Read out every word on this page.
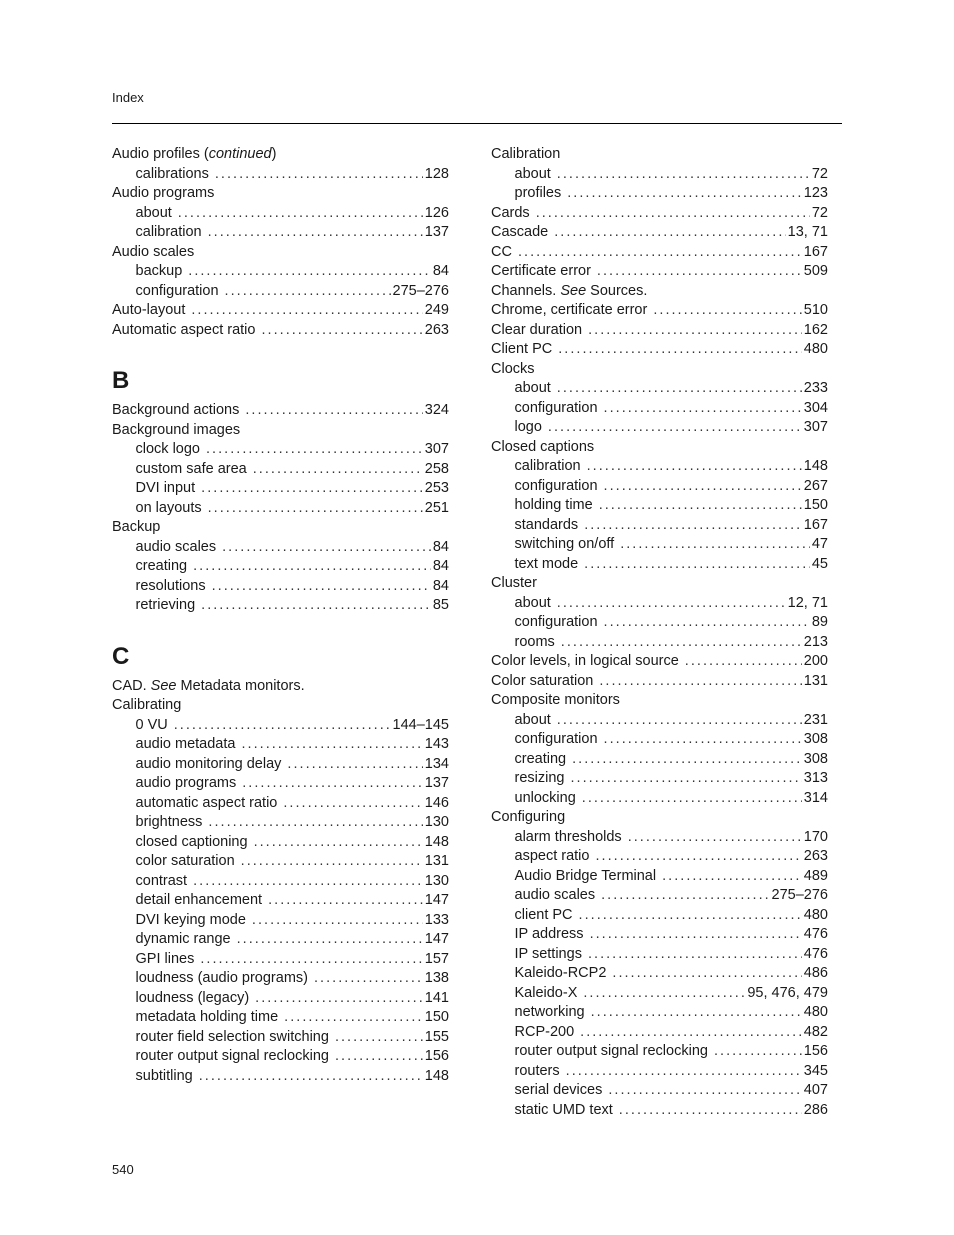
Index
Audio profiles (continued)
calibrations . . .	128
Audio programs
about . . .	126
calibration . . .	137
Audio scales
backup . . .	84
configuration . . .	275–276
Auto-layout . . .	249
Automatic aspect ratio . . .	263
B
Background actions . . .	324
Background images
clock logo . . .	307
custom safe area . . .	258
DVI input . . .	253
on layouts . . .	251
Backup
audio scales . . .	84
creating . . .	84
resolutions . . .	84
retrieving . . .	85
C
CAD. See Metadata monitors.
Calibrating
0 VU . . .	144–145
audio metadata . . .	143
audio monitoring delay . . .	134
audio programs . . .	137
automatic aspect ratio . . .	146
brightness . . .	130
closed captioning . . .	148
color saturation . . .	131
contrast . . .	130
detail enhancement . . .	147
DVI keying mode . . .	133
dynamic range . . .	147
GPI lines . . .	157
loudness (audio programs) . . .	138
loudness (legacy) . . .	141
metadata holding time . . .	150
router field selection switching . . .	155
router output signal reclocking . . .	156
subtitling . . .	148
Calibration
about . . .	72
profiles . . .	123
Cards . . .	72
Cascade . . .	13, 71
CC . . .	167
Certificate error . . .	509
Channels. See Sources.
Chrome, certificate error . . .	510
Clear duration . . .	162
Client PC . . .	480
Clocks
about . . .	233
configuration . . .	304
logo . . .	307
Closed captions
calibration . . .	148
configuration . . .	267
holding time . . .	150
standards . . .	167
switching on/off . . .	47
text mode . . .	45
Cluster
about . . .	12, 71
configuration . . .	89
rooms . . .	213
Color levels, in logical source . . .	200
Color saturation . . .	131
Composite monitors
about . . .	231
configuration . . .	308
creating . . .	308
resizing . . .	313
unlocking . . .	314
Configuring
alarm thresholds . . .	170
aspect ratio . . .	263
Audio Bridge Terminal . . .	489
audio scales . . .	275–276
client PC . . .	480
IP address . . .	476
IP settings . . .	476
Kaleido-RCP2 . . .	486
Kaleido-X . . .	95, 476, 479
networking . . .	480
RCP-200 . . .	482
router output signal reclocking . . .	156
routers . . .	345
serial devices . . .	407
static UMD text . . .	286
540
